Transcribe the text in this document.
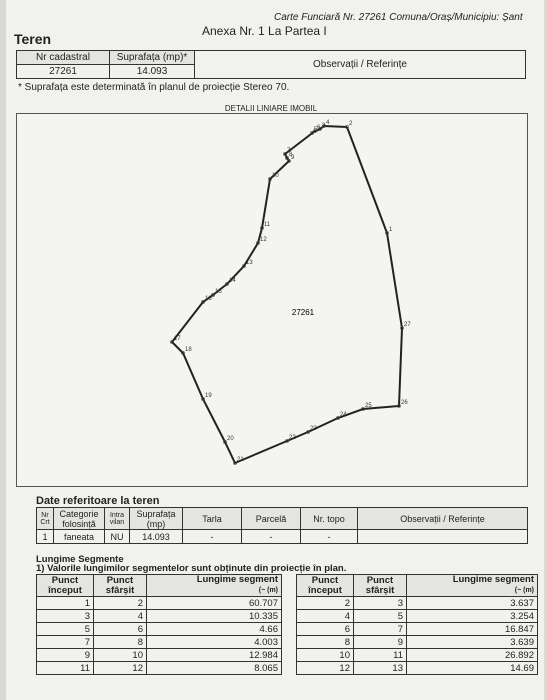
Carte Funciară Nr. 27261 Comuna/Oraș/Municipiu: Șant
Anexa Nr. 1 La Partea I
Teren
Nr cadastral	Suprafața (mp)*	Observații / Referințe
27261	14.093	
* Suprafața este determinată în planul de proiecție Stereo 70.
DETALII LINIARE IMOBIL
27261
1
2
3 4
5 6
7
8
9
10
11
12
13
14
15
16
17
18
19
20
21
22
23
24
25	26
27
Date referitoare la teren
Nr Crt	Categorie folosință	Intra vilan	Suprafața (mp)	Tarla	Parcelă	Nr. topo	Observații / Referințe
1	faneata	NU	14.093	-	-	-	
Lungime Segmente
1) Valorile lungimilor segmentelor sunt obținute din proiecție în plan.
Punct început	Punct sfârșit	Lungime segment
(~ (m)
1	2	60.707
3	4	10.335
5	6	4.66
7	8	4.003
9	10	12.984
11	12	8.065
Punct început	Punct sfârșit	Lungime segment
(~ (m)
2	3	3.637
4	5	3.254
6	7	16.847
8	9	3.639
10	11	26.892
12	13	14.69
